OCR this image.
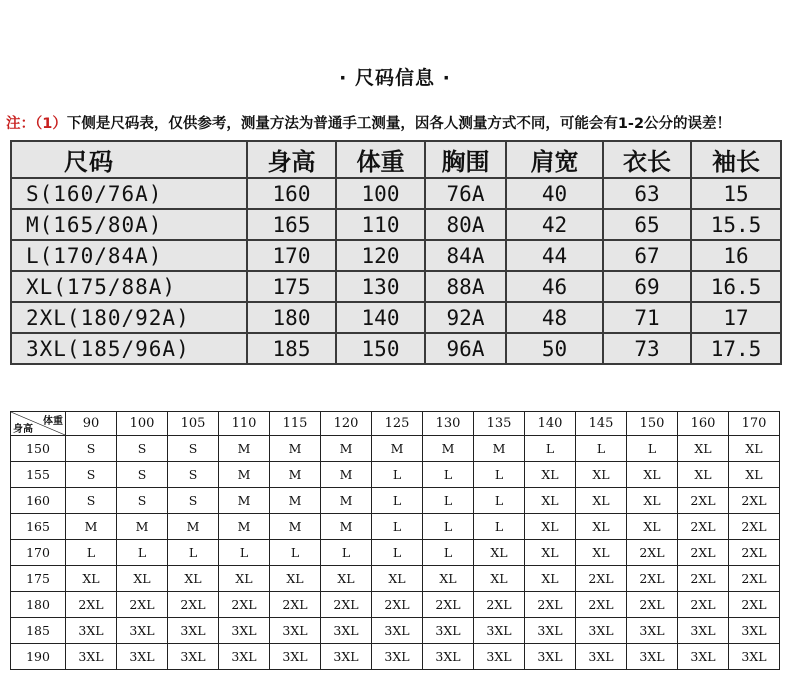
· 尺码信息 ·
注：（1）下侧是尺码表，仅供参考，测量方法为普通手工测量，因各人测量方式不同，可能会有1-2公分的误差！
尺码	身高	体重	胸围	肩宽	衣长	袖长
S(160/76A)	160	100	76A	40	63	15
M(165/80A)	165	110	80A	42	65	15.5
L(170/84A)	170	120	84A	44	67	16
XL(175/88A)	175	130	88A	46	69	16.5
2XL(180/92A)	180	140	92A	48	71	17
3XL(185/96A)	185	150	96A	50	73	17.5
体重
身高	90	100	105	110	115	120	125	130	135	140	145	150	160	170
150	S	S	S	M	M	M	M	M	M	L	L	L	XL	XL
155	S	S	S	M	M	M	L	L	L	XL	XL	XL	XL	XL
160	S	S	S	M	M	M	L	L	L	XL	XL	XL	2XL	2XL
165	M	M	M	M	M	M	L	L	L	XL	XL	XL	2XL	2XL
170	L	L	L	L	L	L	L	L	XL	XL	XL	2XL	2XL	2XL
175	XL	XL	XL	XL	XL	XL	XL	XL	XL	XL	2XL	2XL	2XL	2XL
180	2XL	2XL	2XL	2XL	2XL	2XL	2XL	2XL	2XL	2XL	2XL	2XL	2XL	2XL
185	3XL	3XL	3XL	3XL	3XL	3XL	3XL	3XL	3XL	3XL	3XL	3XL	3XL	3XL
190	3XL	3XL	3XL	3XL	3XL	3XL	3XL	3XL	3XL	3XL	3XL	3XL	3XL	3XL
